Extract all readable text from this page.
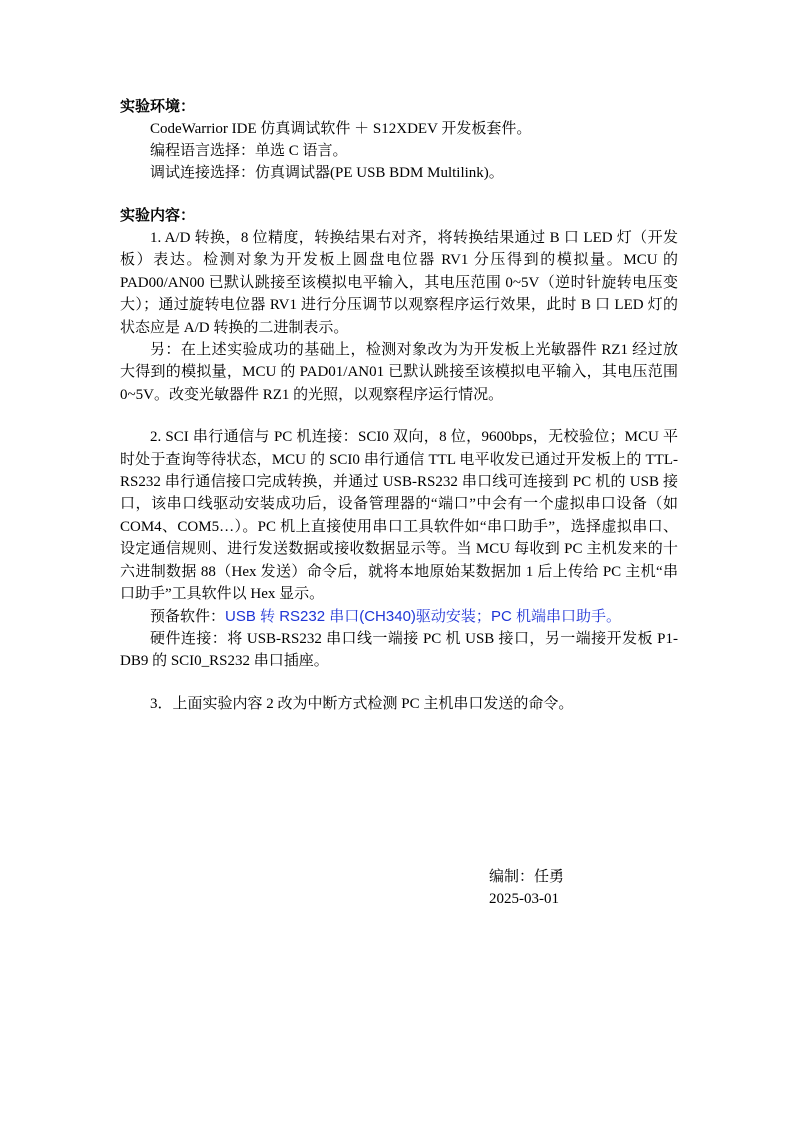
实验环境：
CodeWarrior IDE 仿真调试软件 ＋ S12XDEV 开发板套件。
编程语言选择：单选 C 语言。
调试连接选择：仿真调试器(PE USB BDM Multilink)。
实验内容：

1. A/D 转换，8 位精度，转换结果右对齐，将转换结果通过 B 口 LED 灯（开发板）表达。检测对象为开发板上圆盘电位器 RV1 分压得到的模拟量。MCU 的 PAD00/AN00 已默认跳接至该模拟电平输入，其电压范围 0~5V（逆时针旋转电压变大）；通过旋转电位器 RV1 进行分压调节以观察程序运行效果，此时 B 口 LED 灯的状态应是 A/D 转换的二进制表示。

另：在上述实验成功的基础上，检测对象改为为开发板上光敏器件 RZ1 经过放大得到的模拟量，MCU 的 PAD01/AN01 已默认跳接至该模拟电平输入，其电压范围 0~5V。改变光敏器件 RZ1 的光照，以观察程序运行情况。

2. SCI 串行通信与 PC 机连接：SCI0 双向，8 位，9600bps，无校验位；MCU 平时处于查询等待状态，MCU 的 SCI0 串行通信 TTL 电平收发已通过开发板上的 TTL-RS232 串行通信接口完成转换，并通过 USB-RS232 串口线可连接到 PC 机的 USB 接口，该串口线驱动安装成功后，设备管理器的“端口”中会有一个虚拟串口设备（如 COM4、COM5…）。PC 机上直接使用串口工具软件如“串口助手”，选择虚拟串口、设定通信规则、进行发送数据或接收数据显示等。当 MCU 每收到 PC 主机发来的十六进制数据 88（Hex 发送）命令后，就将本地原始某数据加 1 后上传给 PC 主机“串口助手”工具软件以 Hex 显示。

预备软件：USB 转 RS232 串口(CH340)驱动安装；PC 机端串口助手。

硬件连接：将 USB-RS232 串口线一端接 PC 机 USB 接口，另一端接开发板 P1- DB9 的 SCI0_RS232 串口插座。

3．上面实验内容 2 改为中断方式检测 PC 主机串口发送的命令。

编制：任勇
2025-03-01
